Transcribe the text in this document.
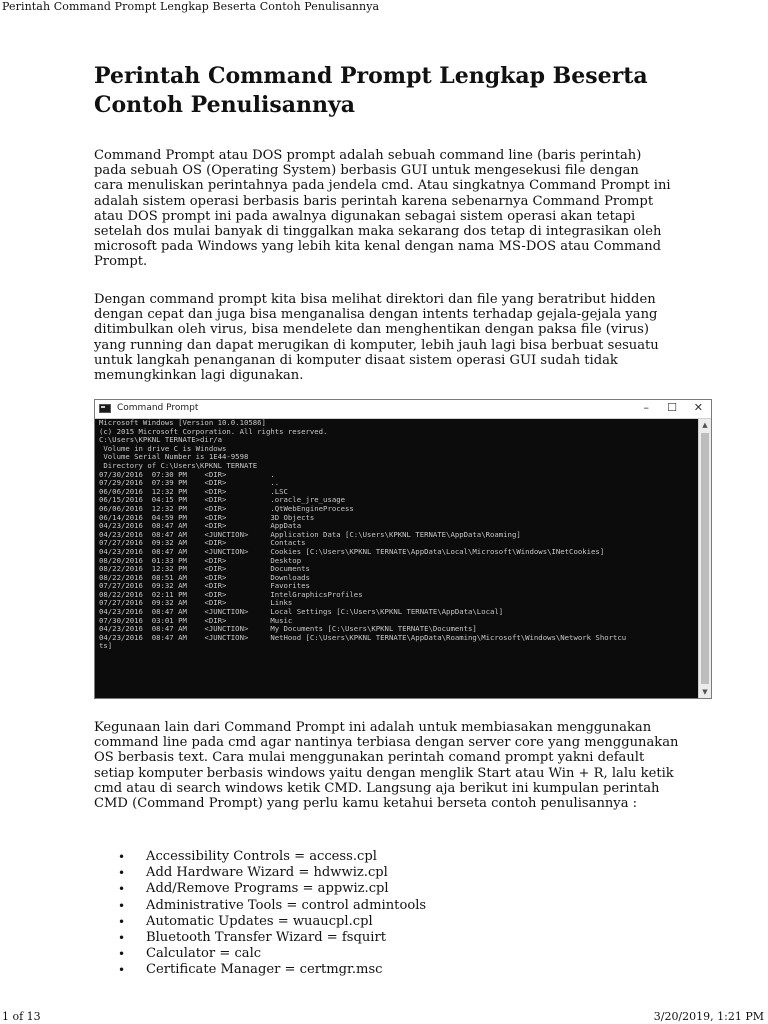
Perintah Command Prompt Lengkap Beserta Contoh Penulisannya
Perintah Command Prompt Lengkap Beserta
Contoh Penulisannya

Command Prompt atau DOS prompt adalah sebuah command line (baris perintah) pada sebuah OS (Operating System) berbasis GUI untuk mengesekusi file dengan cara menuliskan perintahnya pada jendela cmd. Atau singkatnya Command Prompt ini adalah sistem operasi berbasis baris perintah karena sebenarnya Command Prompt atau DOS prompt ini pada awalnya digunakan sebagai sistem operasi akan tetapi setelah dos mulai banyak di tinggalkan maka sekarang dos tetap di integrasikan oleh microsoft pada Windows yang lebih kita kenal dengan nama MS-DOS atau Command Prompt.

Dengan command prompt kita bisa melihat direktori dan file yang beratribut hidden dengan cepat dan juga bisa menganalisa dengan intents terhadap gejala-gejala yang ditimbulkan oleh virus, bisa mendelete dan menghentikan dengan paksa file (virus) yang running dan dapat merugikan di komputer, lebih jauh lagi bisa berbuat sesuatu untuk langkah penanganan di komputer disaat sistem operasi GUI sudah tidak memungkinkan lagi digunakan.

Command Prompt	– ☐ ✕
Microsoft Windows [Version 10.0.10586]
(c) 2015 Microsoft Corporation. All rights reserved.
C:\Users\KPKNL TERNATE>dir/a
Volume in drive C is Windows
Volume Serial Number is 1E44-9598
Directory of C:\Users\KPKNL TERNATE
07/30/2016  07:30 PM    <DIR>          .
07/29/2016  07:39 PM    <DIR>          ..
06/06/2016  12:32 PM    <DIR>          .LSC
06/15/2016  04:15 PM    <DIR>          .oracle_jre_usage
06/06/2016  12:32 PM    <DIR>          .QtWebEngineProcess
06/14/2016  04:59 PM    <DIR>          3D Objects
04/23/2016  08:47 AM    <DIR>          AppData
04/23/2016  08:47 AM    <JUNCTION>     Application Data [C:\Users\KPKNL TERNATE\AppData\Roaming]
07/27/2016  09:32 AM    <DIR>          Contacts
04/23/2016  08:47 AM    <JUNCTION>     Cookies [C:\Users\KPKNL TERNATE\AppData\Local\Microsoft\Windows\INetCookies]
08/20/2016  01:33 PM    <DIR>          Desktop
08/22/2016  12:32 PM    <DIR>          Documents
08/22/2016  08:51 AM    <DIR>          Downloads
07/27/2016  09:32 AM    <DIR>          Favorites
08/22/2016  02:11 PM    <DIR>          IntelGraphicsProfiles
07/27/2016  09:32 AM    <DIR>          Links
04/23/2016  08:47 AM    <JUNCTION>     Local Settings [C:\Users\KPKNL TERNATE\AppData\Local]
07/30/2016  03:01 PM    <DIR>          Music
04/23/2016  08:47 AM    <JUNCTION>     My Documents [C:\Users\KPKNL TERNATE\Documents]
04/23/2016  08:47 AM    <JUNCTION>     NetHood [C:\Users\KPKNL TERNATE\AppData\Roaming\Microsoft\Windows\Network Shortcu
ts]
▲
▼

Kegunaan lain dari Command Prompt ini adalah untuk membiasakan menggunakan command line pada cmd agar nantinya terbiasa dengan server core yang menggunakan OS berbasis text. Cara mulai menggunakan perintah comand prompt yakni default setiap komputer berbasis windows yaitu dengan menglik Start atau Win + R, lalu ketik cmd atau di search windows ketik CMD. Langsung aja berikut ini kumpulan perintah CMD (Command Prompt) yang perlu kamu ketahui berseta contoh penulisannya :

• Accessibility Controls = access.cpl
• Add Hardware Wizard = hdwwiz.cpl
• Add/Remove Programs = appwiz.cpl
• Administrative Tools = control admintools
• Automatic Updates = wuaucpl.cpl
• Bluetooth Transfer Wizard = fsquirt
• Calculator = calc
• Certificate Manager = certmgr.msc
1 of 13	3/20/2019, 1:21 PM
